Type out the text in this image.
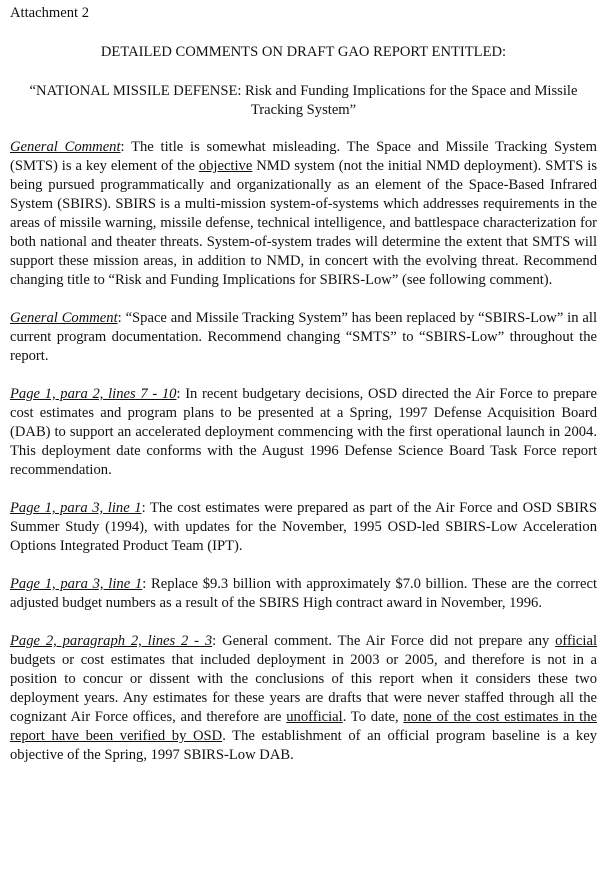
Attachment 2
DETAILED COMMENTS ON DRAFT GAO REPORT ENTITLED:
“NATIONAL MISSILE DEFENSE: Risk and Funding Implications for the Space and Missile Tracking System”

General Comment: The title is somewhat misleading. The Space and Missile Tracking System (SMTS) is a key element of the objective NMD system (not the initial NMD deployment). SMTS is being pursued programmatically and organizationally as an element of the Space-Based Infrared System (SBIRS). SBIRS is a multi-mission system-of-systems which addresses requirements in the areas of missile warning, missile defense, technical intelligence, and battlespace characterization for both national and theater threats. System-of-system trades will determine the extent that SMTS will support these mission areas, in addition to NMD, in concert with the evolving threat. Recommend changing title to “Risk and Funding Implications for SBIRS-Low” (see following comment).

General Comment: “Space and Missile Tracking System” has been replaced by “SBIRS-Low” in all current program documentation. Recommend changing “SMTS” to “SBIRS-Low” throughout the report.

Page 1, para 2, lines 7 - 10: In recent budgetary decisions, OSD directed the Air Force to prepare cost estimates and program plans to be presented at a Spring, 1997 Defense Acquisition Board (DAB) to support an accelerated deployment commencing with the first operational launch in 2004. This deployment date conforms with the August 1996 Defense Science Board Task Force report recommendation.

Page 1, para 3, line 1: The cost estimates were prepared as part of the Air Force and OSD SBIRS Summer Study (1994), with updates for the November, 1995 OSD-led SBIRS-Low Acceleration Options Integrated Product Team (IPT).

Page 1, para 3, line 1: Replace $9.3 billion with approximately $7.0 billion. These are the correct adjusted budget numbers as a result of the SBIRS High contract award in November, 1996.

Page 2, paragraph 2, lines 2 - 3: General comment. The Air Force did not prepare any official budgets or cost estimates that included deployment in 2003 or 2005, and therefore is not in a position to concur or dissent with the conclusions of this report when it considers these two deployment years. Any estimates for these years are drafts that were never staffed through all the cognizant Air Force offices, and therefore are unofficial. To date, none of the cost estimates in the report have been verified by OSD. The establishment of an official program baseline is a key objective of the Spring, 1997 SBIRS-Low DAB.
